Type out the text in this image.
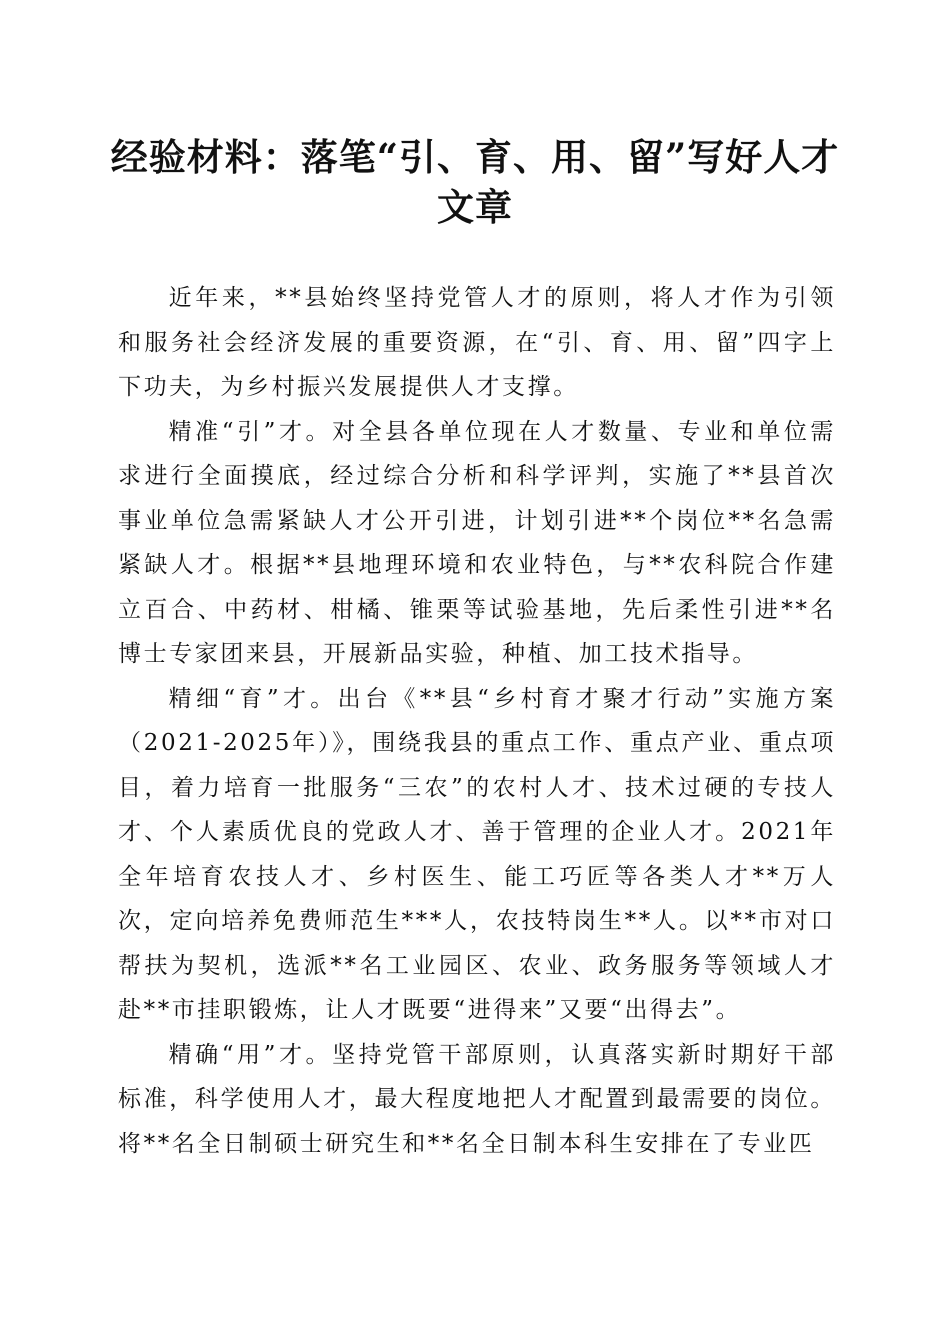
经验材料：落笔“引、育、用、留”写好人才
文章

近年来，**县始终坚持党管人才的原则，将人才作为引领和服务社会经济发展的重要资源，在“引、育、用、留”四字上下功夫，为乡村振兴发展提供人才支撑。

精准“引”才。对全县各单位现在人才数量、专业和单位需求进行全面摸底，经过综合分析和科学评判，实施了**县首次事业单位急需紧缺人才公开引进，计划引进**个岗位**名急需紧缺人才。根据**县地理环境和农业特色，与**农科院合作建立百合、中药材、柑橘、锥栗等试验基地，先后柔性引进**名博士专家团来县，开展新品实验，种植、加工技术指导。

精细“育”才。出台《**县“乡村育才聚才行动”实施方案（2021-2025年）》，围绕我县的重点工作、重点产业、重点项目，着力培育一批服务“三农”的农村人才、技术过硬的专技人才、个人素质优良的党政人才、善于管理的企业人才。2021年全年培育农技人才、乡村医生、能工巧匠等各类人才**万人次，定向培养免费师范生***人，农技特岗生**人。以**市对口帮扶为契机，选派**名工业园区、农业、政务服务等领域人才赴**市挂职锻炼，让人才既要“进得来”又要“出得去”。

精确“用”才。坚持党管干部原则，认真落实新时期好干部标准，科学使用人才，最大程度地把人才配置到最需要的岗位。将**名全日制硕士研究生和**名全日制本科生安排在了专业匹
